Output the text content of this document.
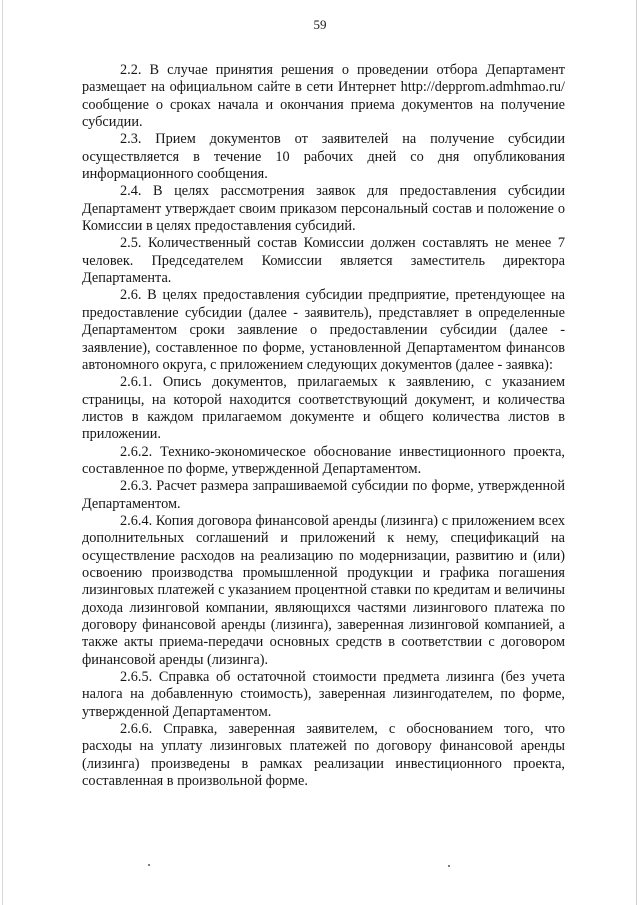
59

2.2. В случае принятия решения о проведении отбора Департамент размещает на официальном сайте в сети Интернет http://depprom.admhmao.ru/ сообщение о сроках начала и окончания приема документов на получение субсидии.

2.3. Прием документов от заявителей на получение субсидии осуществляется в течение 10 рабочих дней со дня опубликования информационного сообщения.

2.4. В целях рассмотрения заявок для предоставления субсидии Департамент утверждает своим приказом персональный состав и положение о Комиссии в целях предоставления субсидий.

2.5. Количественный состав Комиссии должен составлять не менее 7 человек. Председателем Комиссии является заместитель директора Департамента.

2.6. В целях предоставления субсидии предприятие, претендующее на предоставление субсидии (далее - заявитель), представляет в определенные Департаментом сроки заявление о предоставлении субсидии (далее - заявление), составленное по форме, установленной Департаментом финансов автономного округа, с приложением следующих документов (далее - заявка):

2.6.1. Опись документов, прилагаемых к заявлению, с указанием страницы, на которой находится соответствующий документ, и количества листов в каждом прилагаемом документе и общего количества листов в приложении.

2.6.2. Технико-экономическое обоснование инвестиционного проекта, составленное по форме, утвержденной Департаментом.

2.6.3. Расчет размера запрашиваемой субсидии по форме, утвержденной Департаментом.

2.6.4. Копия договора финансовой аренды (лизинга) с приложением всех дополнительных соглашений и приложений к нему, спецификаций на осуществление расходов на реализацию по модернизации, развитию и (или) освоению производства промышленной продукции и графика погашения лизинговых платежей с указанием процентной ставки по кредитам и величины дохода лизинговой компании, являющихся частями лизингового платежа по договору финансовой аренды (лизинга), заверенная лизинговой компанией, а также акты приема-передачи основных средств в соответствии с договором финансовой аренды (лизинга).

2.6.5. Справка об остаточной стоимости предмета лизинга (без учета налога на добавленную стоимость), заверенная лизингодателем, по форме, утвержденной Департаментом.

2.6.6. Справка, заверенная заявителем, с обоснованием того, что расходы на уплату лизинговых платежей по договору финансовой аренды (лизинга) произведены в рамках реализации инвестиционного проекта, составленная в произвольной форме.
